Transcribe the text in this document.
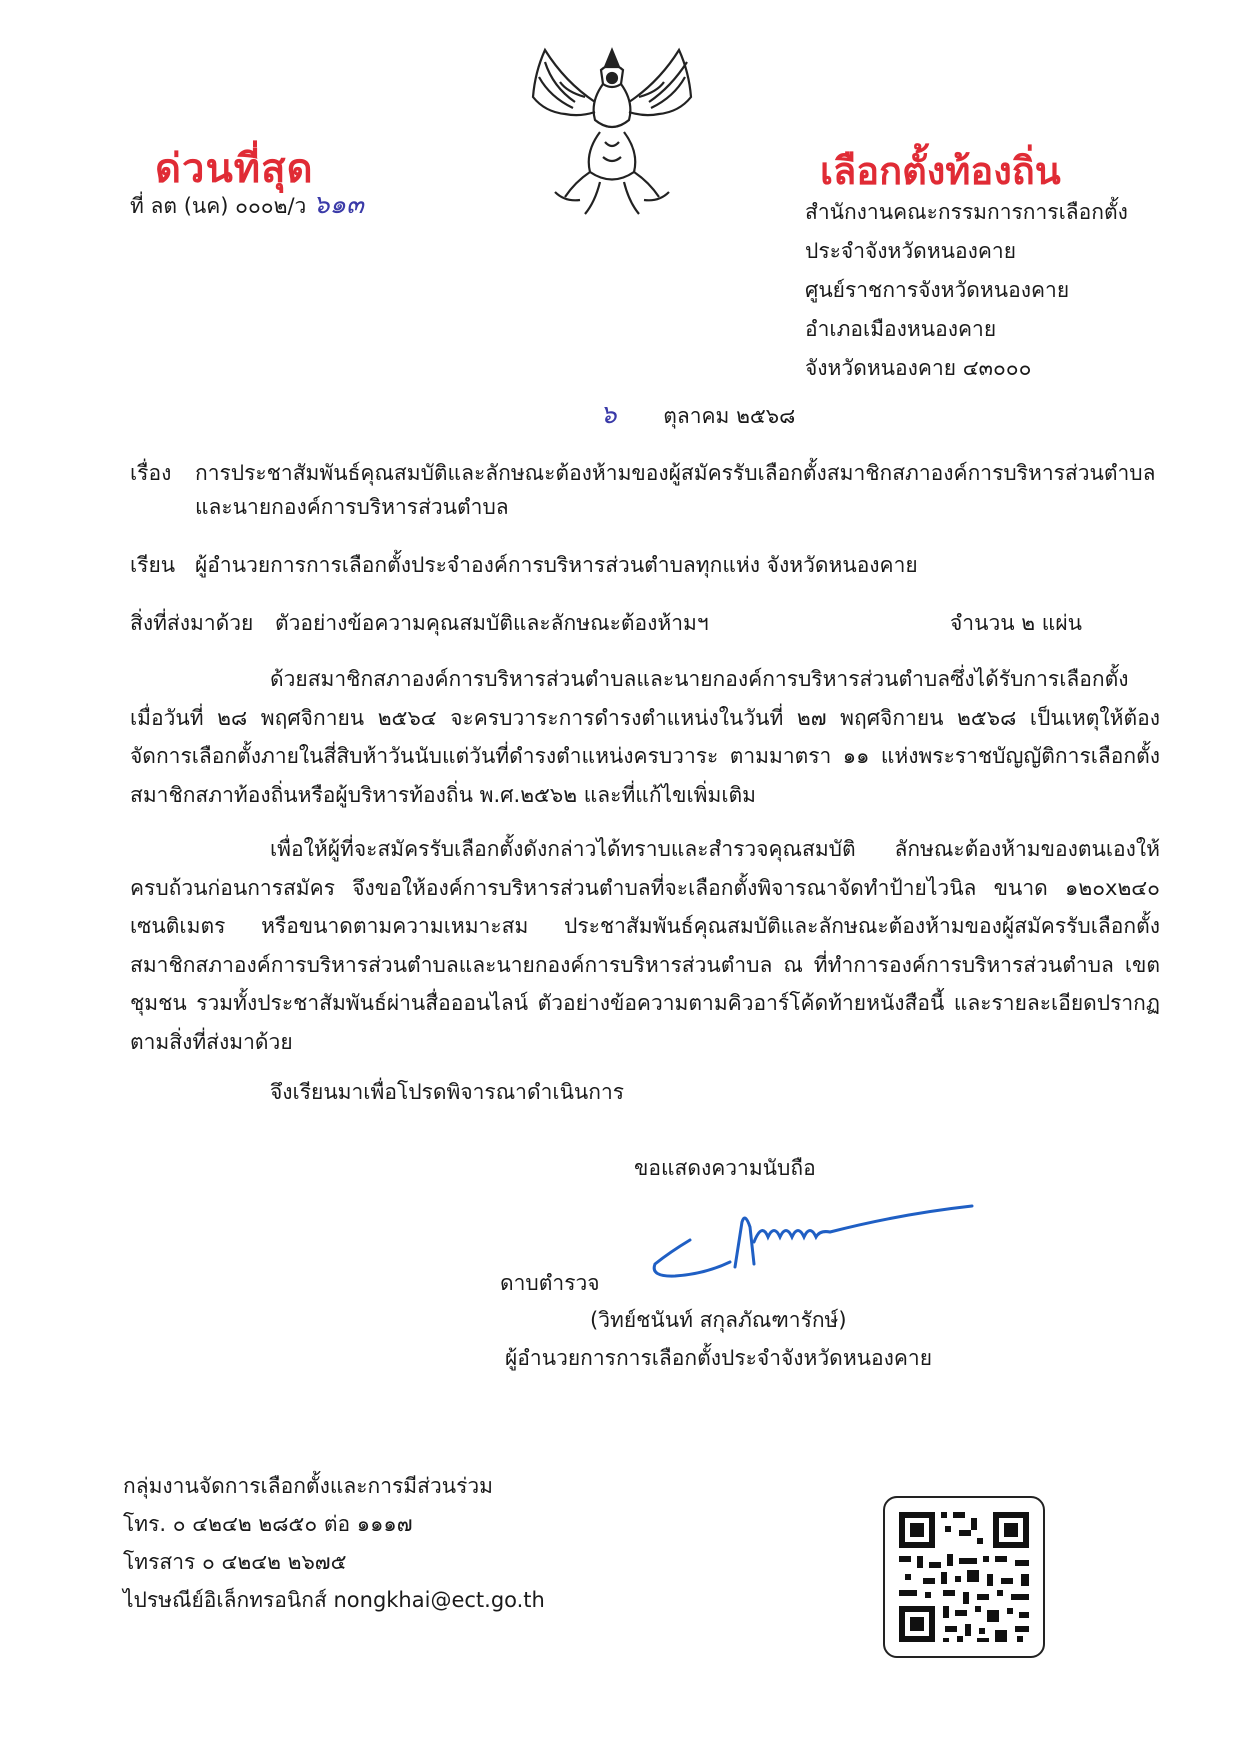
ด่วนที่สุด	เลือกตั้งท้องถิ่น
ที่ ลต (นค) ๐๐๐๒/ว ๖๑๓	สำนักงานคณะกรรมการการเลือกตั้ง
ประจำจังหวัดหนองคาย
ศูนย์ราชการจังหวัดหนองคาย
อำเภอเมืองหนองคาย
จังหวัดหนองคาย ๔๓๐๐๐
๖ ตุลาคม ๒๕๖๘
เรื่อง การประชาสัมพันธ์คุณสมบัติและลักษณะต้องห้ามของผู้สมัครรับเลือกตั้งสมาชิกสภาองค์การบริหารส่วนตำบล
และนายกองค์การบริหารส่วนตำบล
เรียน ผู้อำนวยการการเลือกตั้งประจำองค์การบริหารส่วนตำบลทุกแห่ง จังหวัดหนองคาย
สิ่งที่ส่งมาด้วย ตัวอย่างข้อความคุณสมบัติและลักษณะต้องห้ามฯ	จำนวน ๒ แผ่น

ด้วยสมาชิกสภาองค์การบริหารส่วนตำบลและนายกองค์การบริหารส่วนตำบลซึ่งได้รับการเลือกตั้ง เมื่อวันที่ ๒๘ พฤศจิกายน ๒๕๖๔ จะครบวาระการดำรงตำแหน่งในวันที่ ๒๗ พฤศจิกายน ๒๕๖๘ เป็นเหตุให้ต้องจัดการเลือกตั้งภายในสี่สิบห้าวันนับแต่วันที่ดำรงตำแหน่งครบวาระ ตามมาตรา ๑๑ แห่งพระราชบัญญัติการเลือกตั้งสมาชิกสภาท้องถิ่นหรือผู้บริหารท้องถิ่น พ.ศ.๒๕๖๒ และที่แก้ไขเพิ่มเติม

เพื่อให้ผู้ที่จะสมัครรับเลือกตั้งดังกล่าวได้ทราบและสำรวจคุณสมบัติ ลักษณะต้องห้ามของตนเองให้ครบถ้วนก่อนการสมัคร จึงขอให้องค์การบริหารส่วนตำบลที่จะเลือกตั้งพิจารณาจัดทำป้ายไวนิล ขนาด ๑๒๐x๒๔๐ เซนติเมตร หรือขนาดตามความเหมาะสม ประชาสัมพันธ์คุณสมบัติและลักษณะต้องห้ามของผู้สมัครรับเลือกตั้งสมาชิกสภาองค์การบริหารส่วนตำบลและนายกองค์การบริหารส่วนตำบล ณ ที่ทำการองค์การบริหารส่วนตำบล เขตชุมชน รวมทั้งประชาสัมพันธ์ผ่านสื่อออนไลน์ ตัวอย่างข้อความตามคิวอาร์โค้ดท้ายหนังสือนี้ และรายละเอียดปรากฏตามสิ่งที่ส่งมาด้วย

จึงเรียนมาเพื่อโปรดพิจารณาดำเนินการ
ขอแสดงความนับถือ
ดาบตำรวจ
(วิทย์ชนันท์ สกุลภัณฑารักษ์)
ผู้อำนวยการการเลือกตั้งประจำจังหวัดหนองคาย
กลุ่มงานจัดการเลือกตั้งและการมีส่วนร่วม
โทร. ๐ ๔๒๔๒ ๒๘๕๐ ต่อ ๑๑๑๗
โทรสาร ๐ ๔๒๔๒ ๒๖๗๕
ไปรษณีย์อิเล็กทรอนิกส์ nongkhai@ect.go.th
